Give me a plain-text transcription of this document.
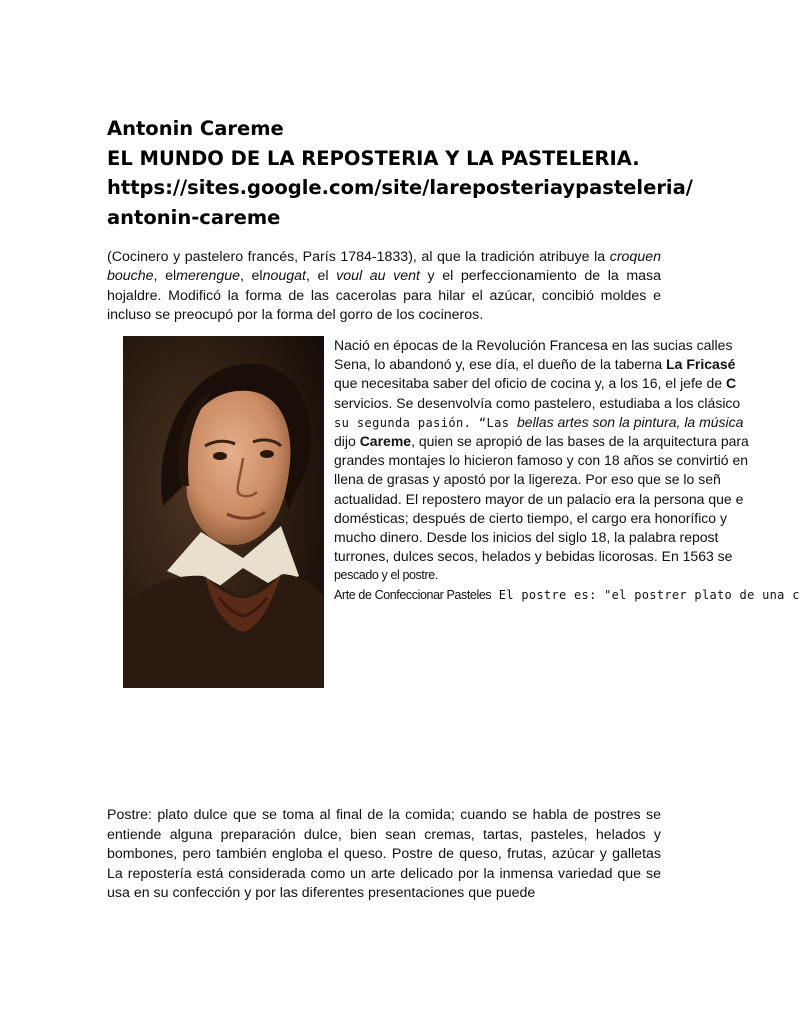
Antonin Careme
EL MUNDO DE LA REPOSTERIA Y LA PASTELERIA.
https://sites.google.com/site/lareposteriaypasteleria/
antonin-careme
(Cocinero y pastelero francés, París 1784-1833), al que la tradición atribuye la croquen bouche, elmerengue, elnougat, el voul au vent y el perfeccionamiento de la masa hojaldre. Modificó la forma de las cacerolas para hilar el azúcar, concibió moldes e incluso se preocupó por la forma del gorro de los cocineros.
Nació en épocas de la Revolución Francesa en las sucias calles
Sena, lo abandonó y, ese día, el dueño de la taberna La Fricasé
que necesitaba saber del oficio de cocina y, a los 16, el jefe de C
servicios. Se desenvolvía como pastelero, estudiaba a los clásico
su segunda pasión. “Las bellas artes son la pintura, la música
dijo Careme, quien se apropió de las bases de la arquitectura para
grandes montajes lo hicieron famoso y con 18 años se convirtió en
llena de grasas y apostó por la ligereza. Por eso que se lo señ
actualidad. El repostero mayor de un palacio era la persona que e
domésticas; después de cierto tiempo, el cargo era honorífico y
mucho dinero. Desde los inicios del siglo 18, la palabra repost
turrones, dulces secos, helados y bebidas licorosas. En 1563 se
pescado y el postre.
Arte de Confeccionar Pasteles El postre es: "el postrer plato de una c
Postre: plato dulce que se toma al final de la comida; cuando se habla de postres se entiende alguna preparación dulce, bien sean cremas, tartas, pasteles, helados y bombones, pero también engloba el queso. Postre de queso, frutas, azúcar y galletas La repostería está considerada como un arte delicado por la inmensa variedad que se usa en su confección y por las diferentes presentaciones que puede
